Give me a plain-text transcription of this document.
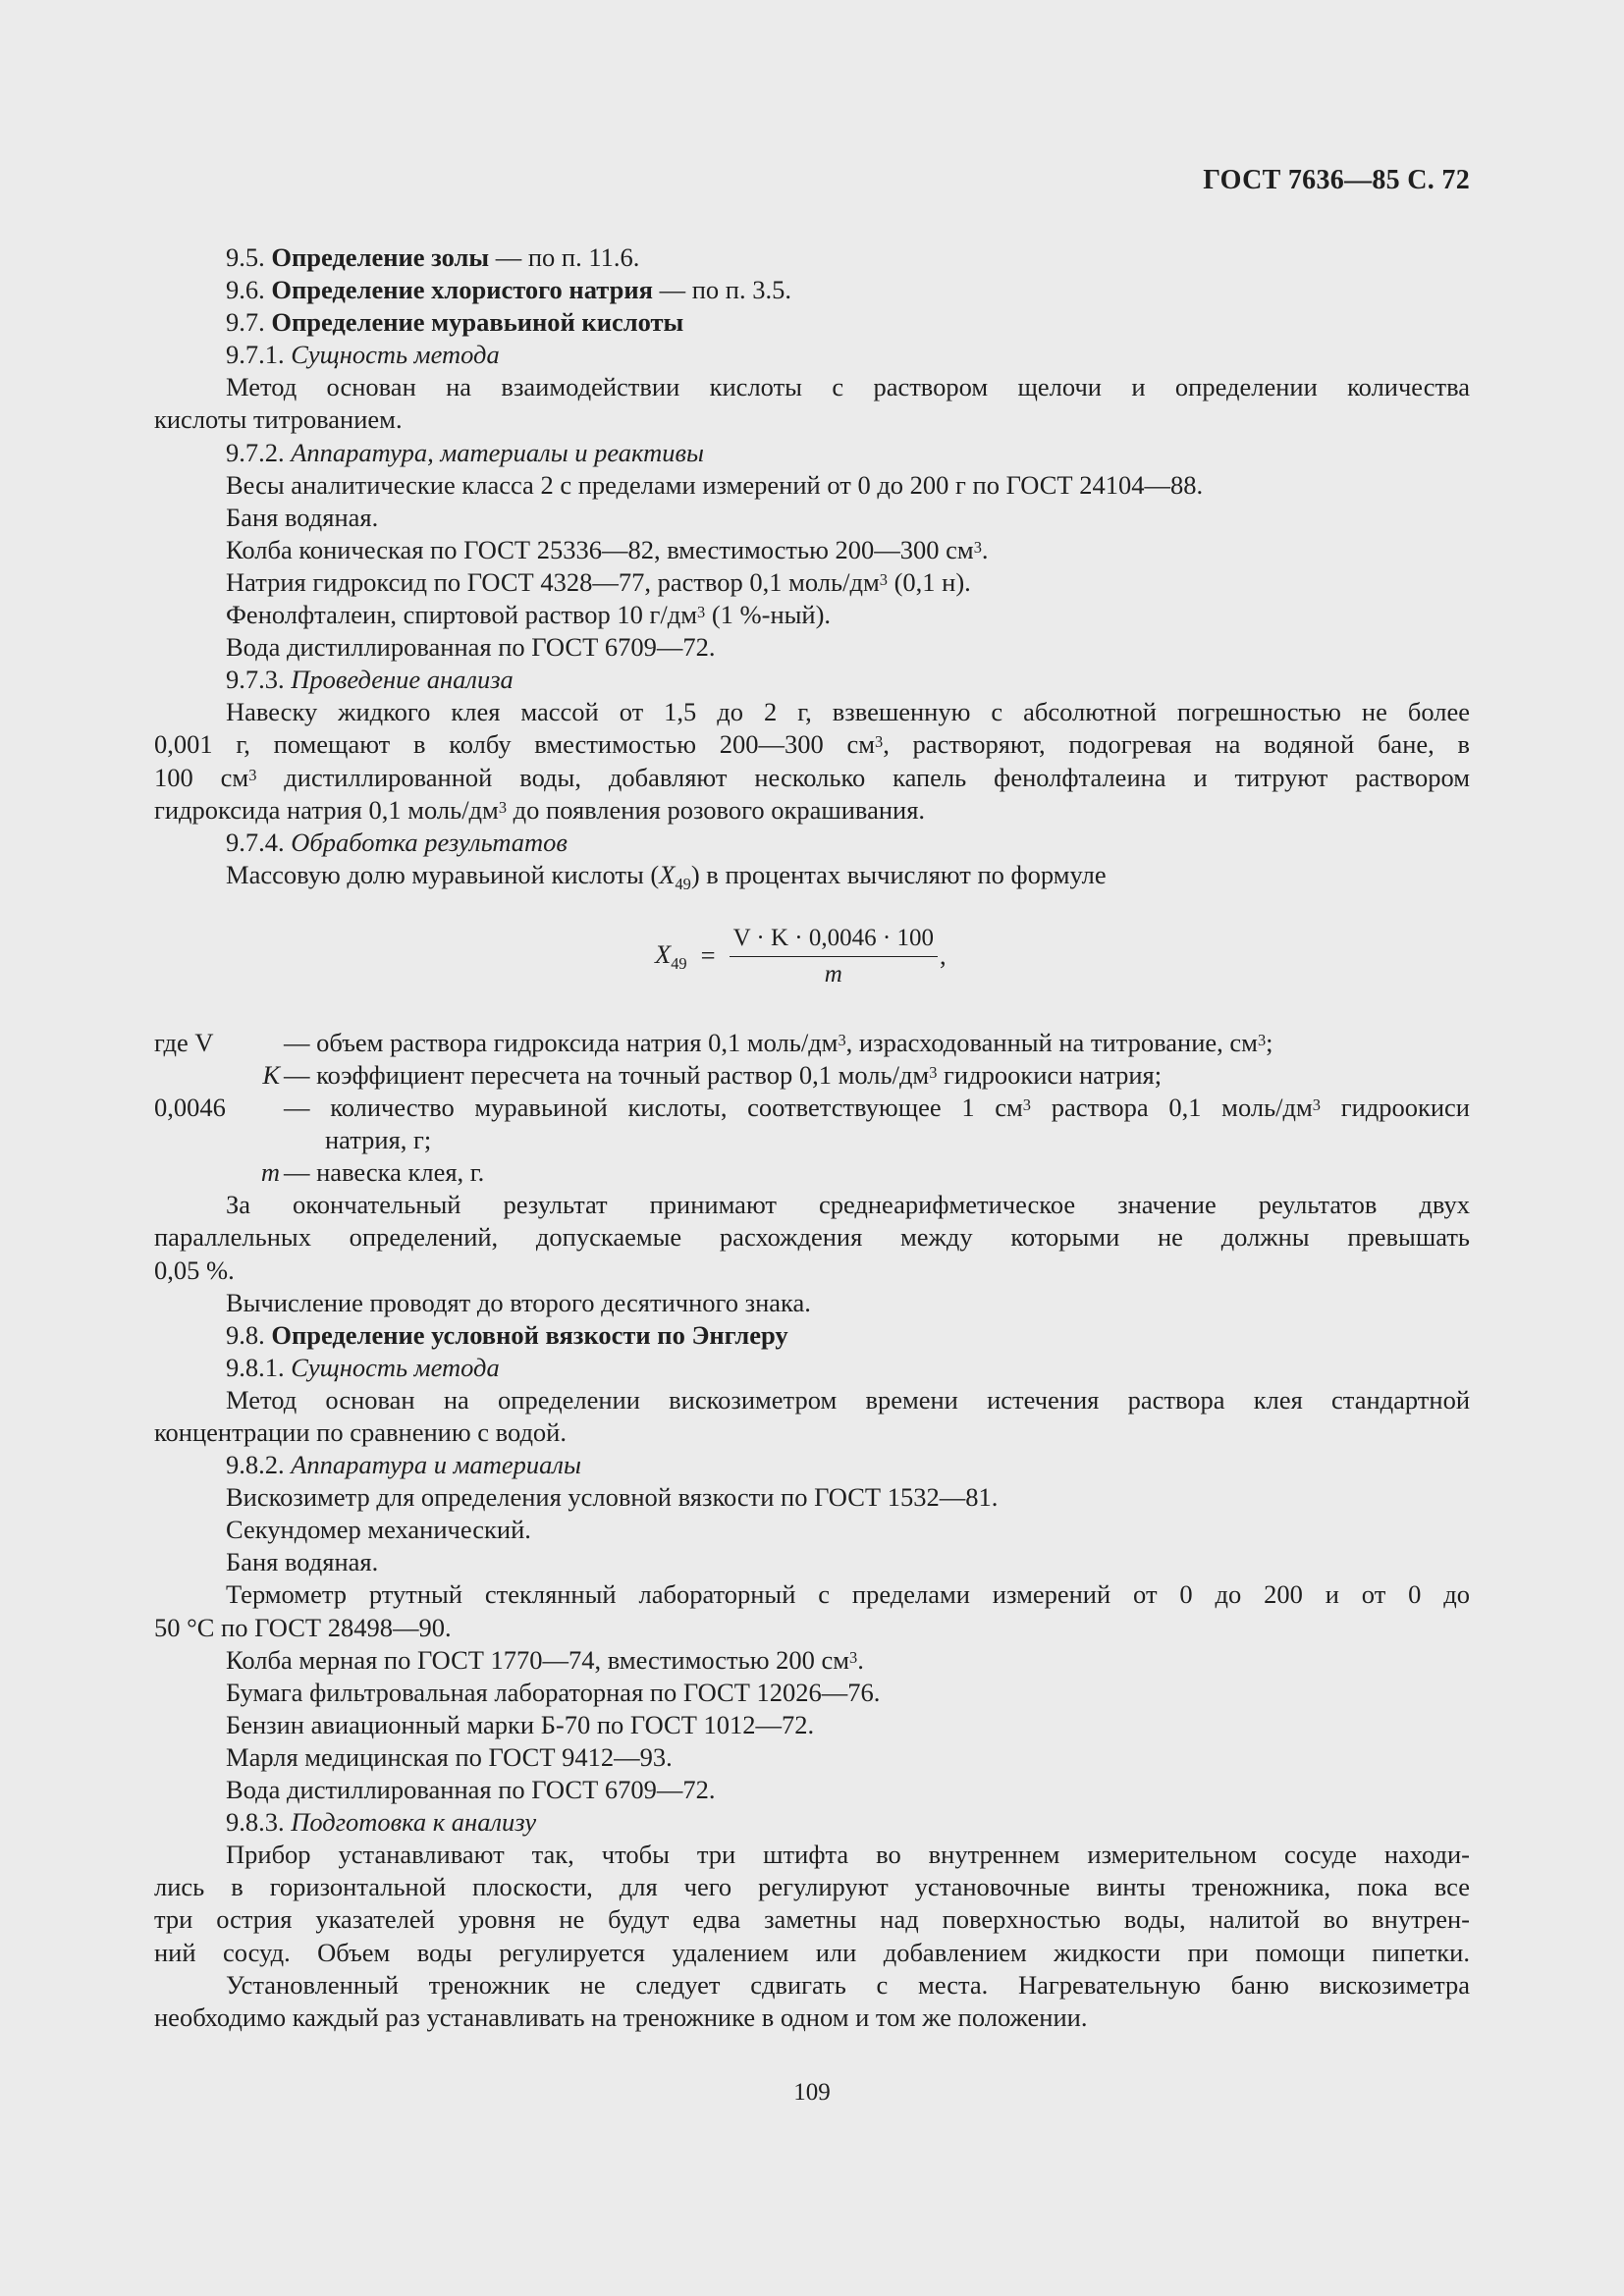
ГОСТ 7636—85 С. 72
9.5. Определение золы — по п. 11.6.
9.6. Определение хлористого натрия — по п. 3.5.
9.7. Определение муравьиной кислоты
9.7.1. Сущность метода
Метод основан на взаимодействии кислоты с раствором щелочи и определении количества
кислоты титрованием.
9.7.2. Аппаратура, материалы и реактивы
Весы аналитические класса 2 с пределами измерений от 0 до 200 г по ГОСТ 24104—88.
Баня водяная.
Колба коническая по ГОСТ 25336—82, вместимостью 200—300 $см^3$.
Натрия гидроксид по ГОСТ 4328—77, раствор 0,1 моль/$дм^3$ (0,1 н).
Фенолфталеин, спиртовой раствор 10 $г/дм^3$ (1 %-ный).
Вода дистиллированная по ГОСТ 6709—72.
9.7.3. Проведение анализа
Навеску жидкого клея массой от 1,5 до 2 г, взвешенную с абсолютной погрешностью не более
0,001 г, помещают в колбу вместимостью 200—300 $см^3$, растворяют, подогревая на водяной бане, в
100 $см^3$ дистиллированной воды, добавляют несколько капель фенолфталеина и титруют раствором
гидроксида натрия 0,1 моль/$дм^3$ до появления розового окрашивания.
9.7.4. Обработка результатов
Массовую долю муравьиной кислоты $(X_{49})$ в процентах вычисляют по формуле
$X_{49} = \frac{V \cdot K \cdot 0,0046 \cdot 100}{m}$ ,
где V	— объем раствора гидроксида натрия 0,1 моль/$дм^3$, израсходованный на титрование, $см^3$;
K — коэффициент пересчета на точный раствор 0,1 моль/$дм^3$ гидроокиси натрия;
0,0046	— количество муравьиной кислоты, соответствующее 1 $см^3$ раствора 0,1 моль/$дм^3$ гидроокиси
натрия, г;
m — навеска клея, г.
За окончательный результат принимают среднеарифметическое значение реультатов двух
параллельных определений, допускаемые расхождения между которыми не должны превышать
0,05 %.
Вычисление проводят до второго десятичного знака.
9.8. Определение условной вязкости по Энглеру
9.8.1. Сущность метода
Метод основан на определении вискозиметром времени истечения раствора клея стандартной
концентрации по сравнению с водой.
9.8.2. Аппаратура и материалы
Вискозиметр для определения условной вязкости по ГОСТ 1532—81.
Секундомер механический.
Баня водяная.
Термометр ртутный стеклянный лабораторный с пределами измерений от 0 до 200 и от 0 до
50 °С по ГОСТ 28498—90.
Колба мерная по ГОСТ 1770—74, вместимостью 200 $см^3$.
Бумага фильтровальная лабораторная по ГОСТ 12026—76.
Бензин авиационный марки Б-70 по ГОСТ 1012—72.
Марля медицинская по ГОСТ 9412—93.
Вода дистиллированная по ГОСТ 6709—72.
9.8.3. Подготовка к анализу
Прибор устанавливают так, чтобы три штифта во внутреннем измерительном сосуде находи-
лись в горизонтальной плоскости, для чего регулируют установочные винты треножника, пока все
три острия указателей уровня не будут едва заметны над поверхностью воды, налитой во внутрен-
ний сосуд. Объем воды регулируется удалением или добавлением жидкости при помощи пипетки.
Установленный треножник не следует сдвигать с места. Нагревательную баню вискозиметра
необходимо каждый раз устанавливать на треножнике в одном и том же положении.
109
